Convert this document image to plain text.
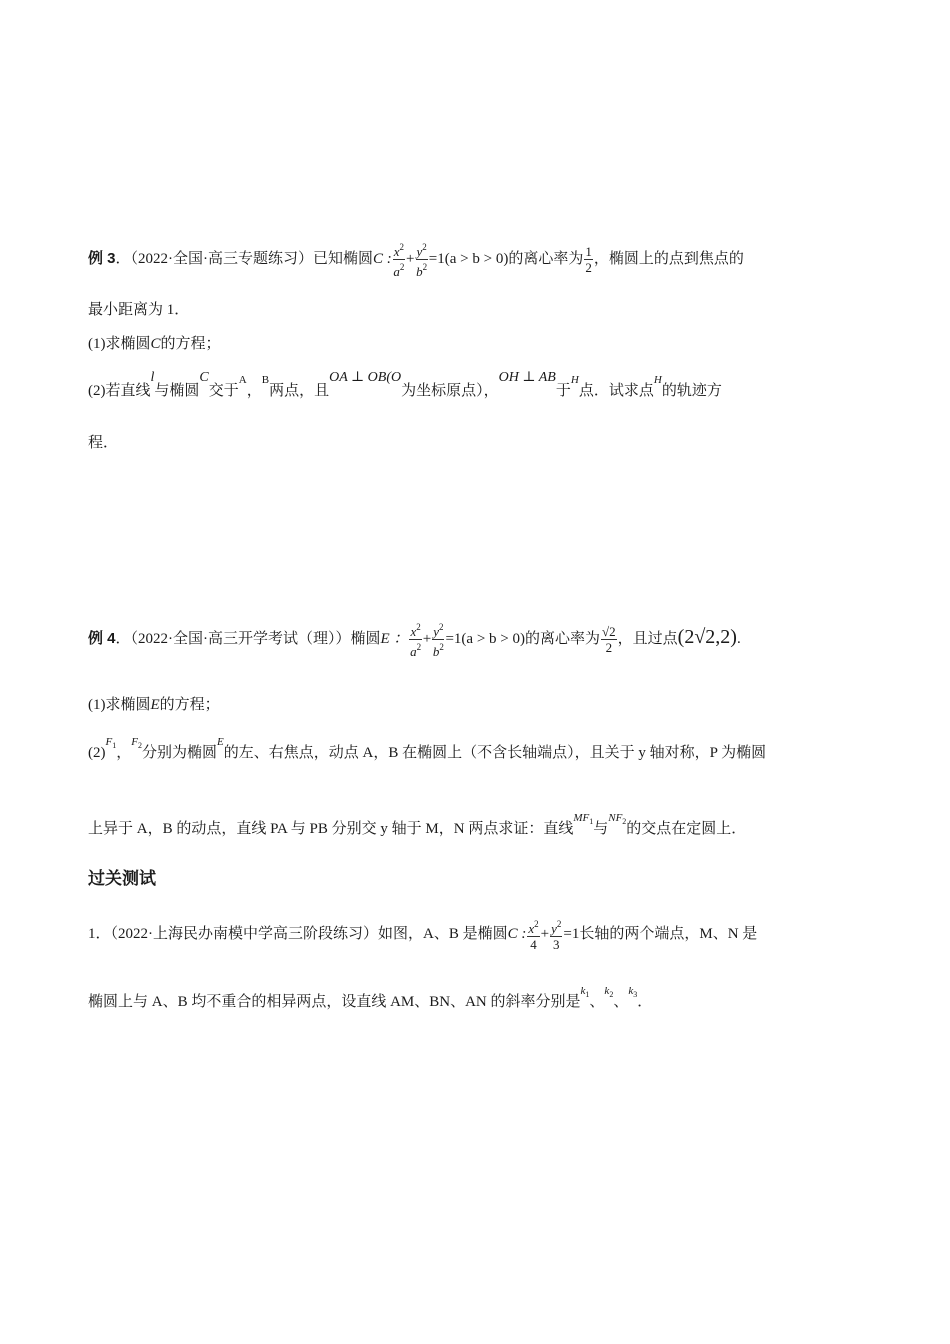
例 3．（2022·全国·高三专题练习）已知椭圆C : $\frac{x^2}{a^2} + \frac{y^2}{b^2} =1(a > b > 0)$的离心率为 $\frac{1}{2}$ ，椭圆上的点到焦点的
最小距离为 1．
(1)求椭圆C的方程；
(2)若直线l与椭圆C交于$^A$，$^B$两点，且OA ⊥ OB(O为坐标原点），OH ⊥ AB于$^H$点．试求点$^H$的轨迹方
程．
例 4．（2022·全国·高三开学考试（理））椭圆E ： $\frac{x^2}{a^2} + \frac{y^2}{b^2} =1(a > b > 0)$的离心率为 $\frac{√2}{2}$ ，且过点(2√2,2).
(1)求椭圆E的方程；
$(2)^{F_1}$，$^{F_2}$分别为椭圆$^E$的左、右焦点，动点 A，B 在椭圆上（不含长轴端点），且关于 y 轴对称，P 为椭圆
上异于 A，B 的动点，直线 PA 与 PB 分别交 y 轴于 M，N 两点求证：直线$^{MF_1}$与$^{NF_2}$的交点在定圆上．
过关测试
1．（2022·上海民办南模中学高三阶段练习）如图，A、B 是椭圆C : $\frac{x^2}{4} + \frac{y^2}{3} =1$长轴的两个端点，M、N 是
椭圆上与 A、B 均不重合的相异两点，设直线 AM、BN、AN 的斜率分别是$^{k_1}$、$^{k_2}$、$^{k_3}$．
